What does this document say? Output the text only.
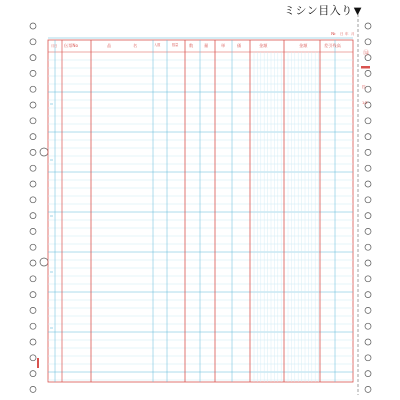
ミシン目入り▼
№	年 月
日
月日 伝票No	品	名	入数	数量	数	量	単	価	金額	金額	差引残高
⑭
控
1/2
